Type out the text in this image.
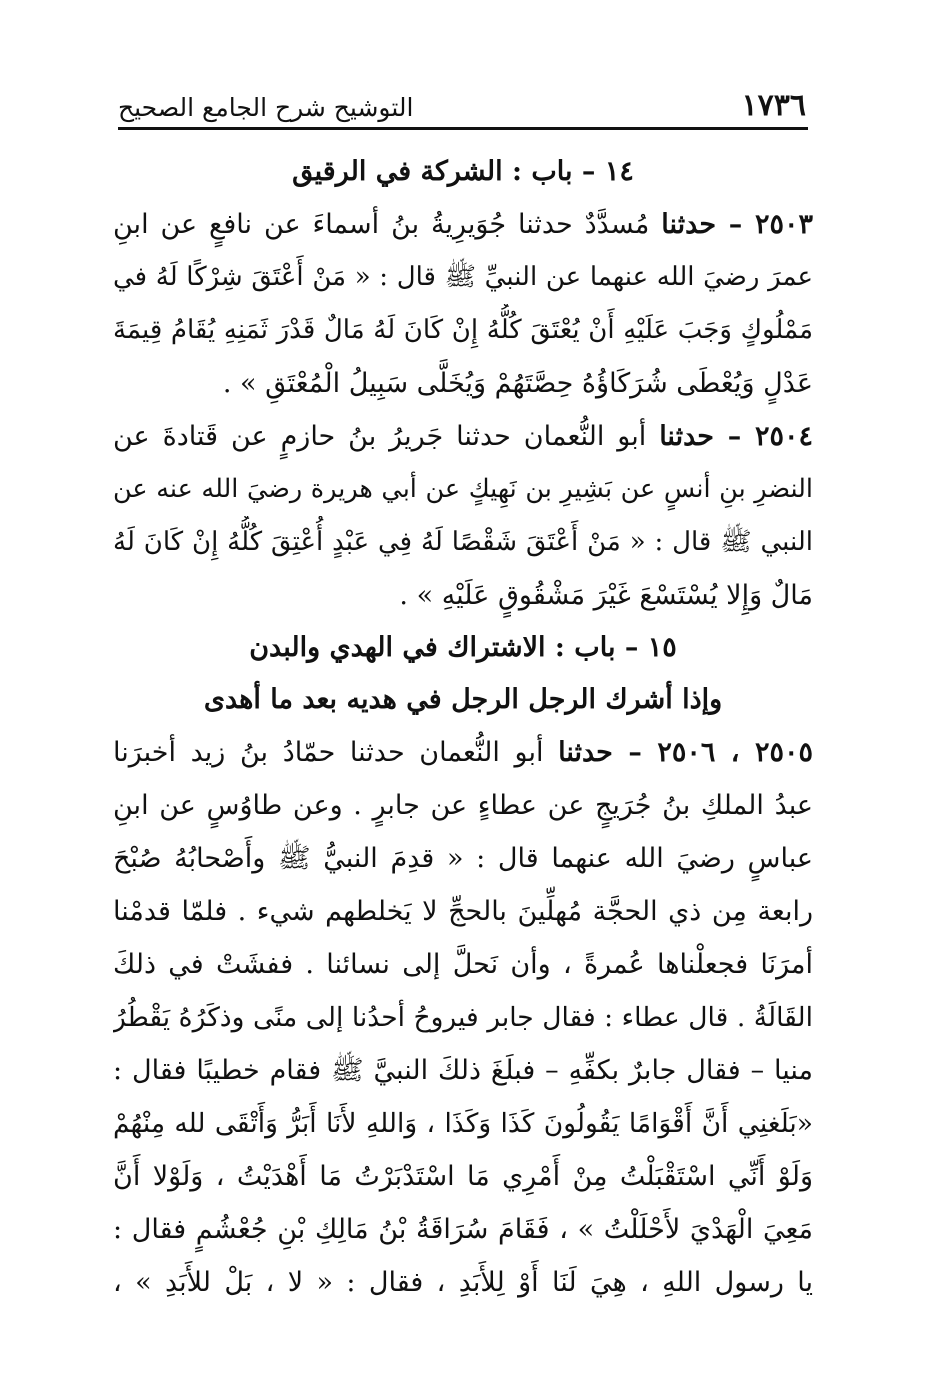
١٧٣٦
التوشيح شرح الجامع الصحيح
١٤ – باب : الشركة في الرقيق
٢٥٠٣ – حدثنا مُسدَّدٌ حدثنا جُوَيرِيةُ بنُ أسماءَ عن نافعٍ عن ابنِ
عمرَ رضيَ الله عنهما عن النبيِّ ﷺ قال : « مَنْ أَعْتَقَ شِرْكًا لَهُ في
مَمْلُوكٍ وَجَبَ عَلَيْهِ أَنْ يُعْتَقَ كُلُّهُ إِنْ كَانَ لَهُ مَالٌ قَدْرَ ثَمَنِهِ يُقَامُ قِيمَةَ
عَدْلٍ وَيُعْطَى شُرَكَاؤُهُ حِصَّتَهُمْ وَيُخَلَّى سَبِيلُ الْمُعْتَقِ » .
٢٥٠٤ – حدثنا أبو النُّعمان حدثنا جَريرُ بنُ حازمٍ عن قَتادةَ عن
النضرِ بنِ أنسٍ عن بَشِيرِ بن نَهِيكٍ عن أبي هريرة رضيَ الله عنه عن
النبي ﷺ قال : « مَنْ أَعْتَقَ شَقْصًا لَهُ فِي عَبْدٍ أُعْتِقَ كُلُّهُ إِنْ كَانَ لَهُ
مَالٌ وَإِلا يُسْتَسْعَ غَيْرَ مَشْقُوقٍ عَلَيْهِ » .
١٥ – باب : الاشتراك في الهدي والبدن
وإذا أشرك الرجل الرجل في هديه بعد ما أهدى
٢٥٠٥ ، ٢٥٠٦ – حدثنا أبو النُّعمان حدثنا حمّادُ بنُ زيد أخبرَنا
عبدُ الملكِ بنُ جُرَيجٍ عن عطاءٍ عن جابرٍ . وعن طاوُسٍ عن ابنِ
عباسٍ رضيَ الله عنهما قال : « قدِمَ النبيُّ ﷺ وأَصْحابُهُ صُبْحَ
رابعة مِن ذي الحجَّة مُهلِّينَ بالحجِّ لا يَخلطهم شيء . فلمّا قدمْنا
أمرَنَا فجعلْناها عُمرةً ، وأن نَحلَّ إلى نسائنا . ففشَتْ في ذلكَ
القَالَةُ . قال عطاء : فقال جابر فيروحُ أحدُنا إلى منًى وذكَرُهُ يَقْطُرُ
منيا – فقال جابرٌ بكفِّهِ – فبلَغَ ذلكَ النبيَّ ﷺ فقام خطيبًا فقال :
«بَلَغنِي أَنَّ أَقْوَامًا يَقُولُونَ كَذَا وَكَذَا ، وَاللهِ لأَنَا أَبَرُّ وَأَتْقَى لله مِنْهُمْ
وَلَوْ أَنِّي اسْتَقْبَلْتُ مِنْ أَمْرِي مَا اسْتَدْبَرْتُ مَا أَهْدَيْتُ ، وَلَوْلا أَنَّ
مَعِيَ الْهَدْيَ لأَحْلَلْتُ » ، فَقَامَ سُرَاقَةُ بْنُ مَالِكِ بْنِ جُعْشُمٍ فقال :
يا رسول اللهِ ، هِيَ لَنَا أَوْ لِلأَبَدِ ، فقال : « لا ، بَلْ للأَبَدِ » ،
